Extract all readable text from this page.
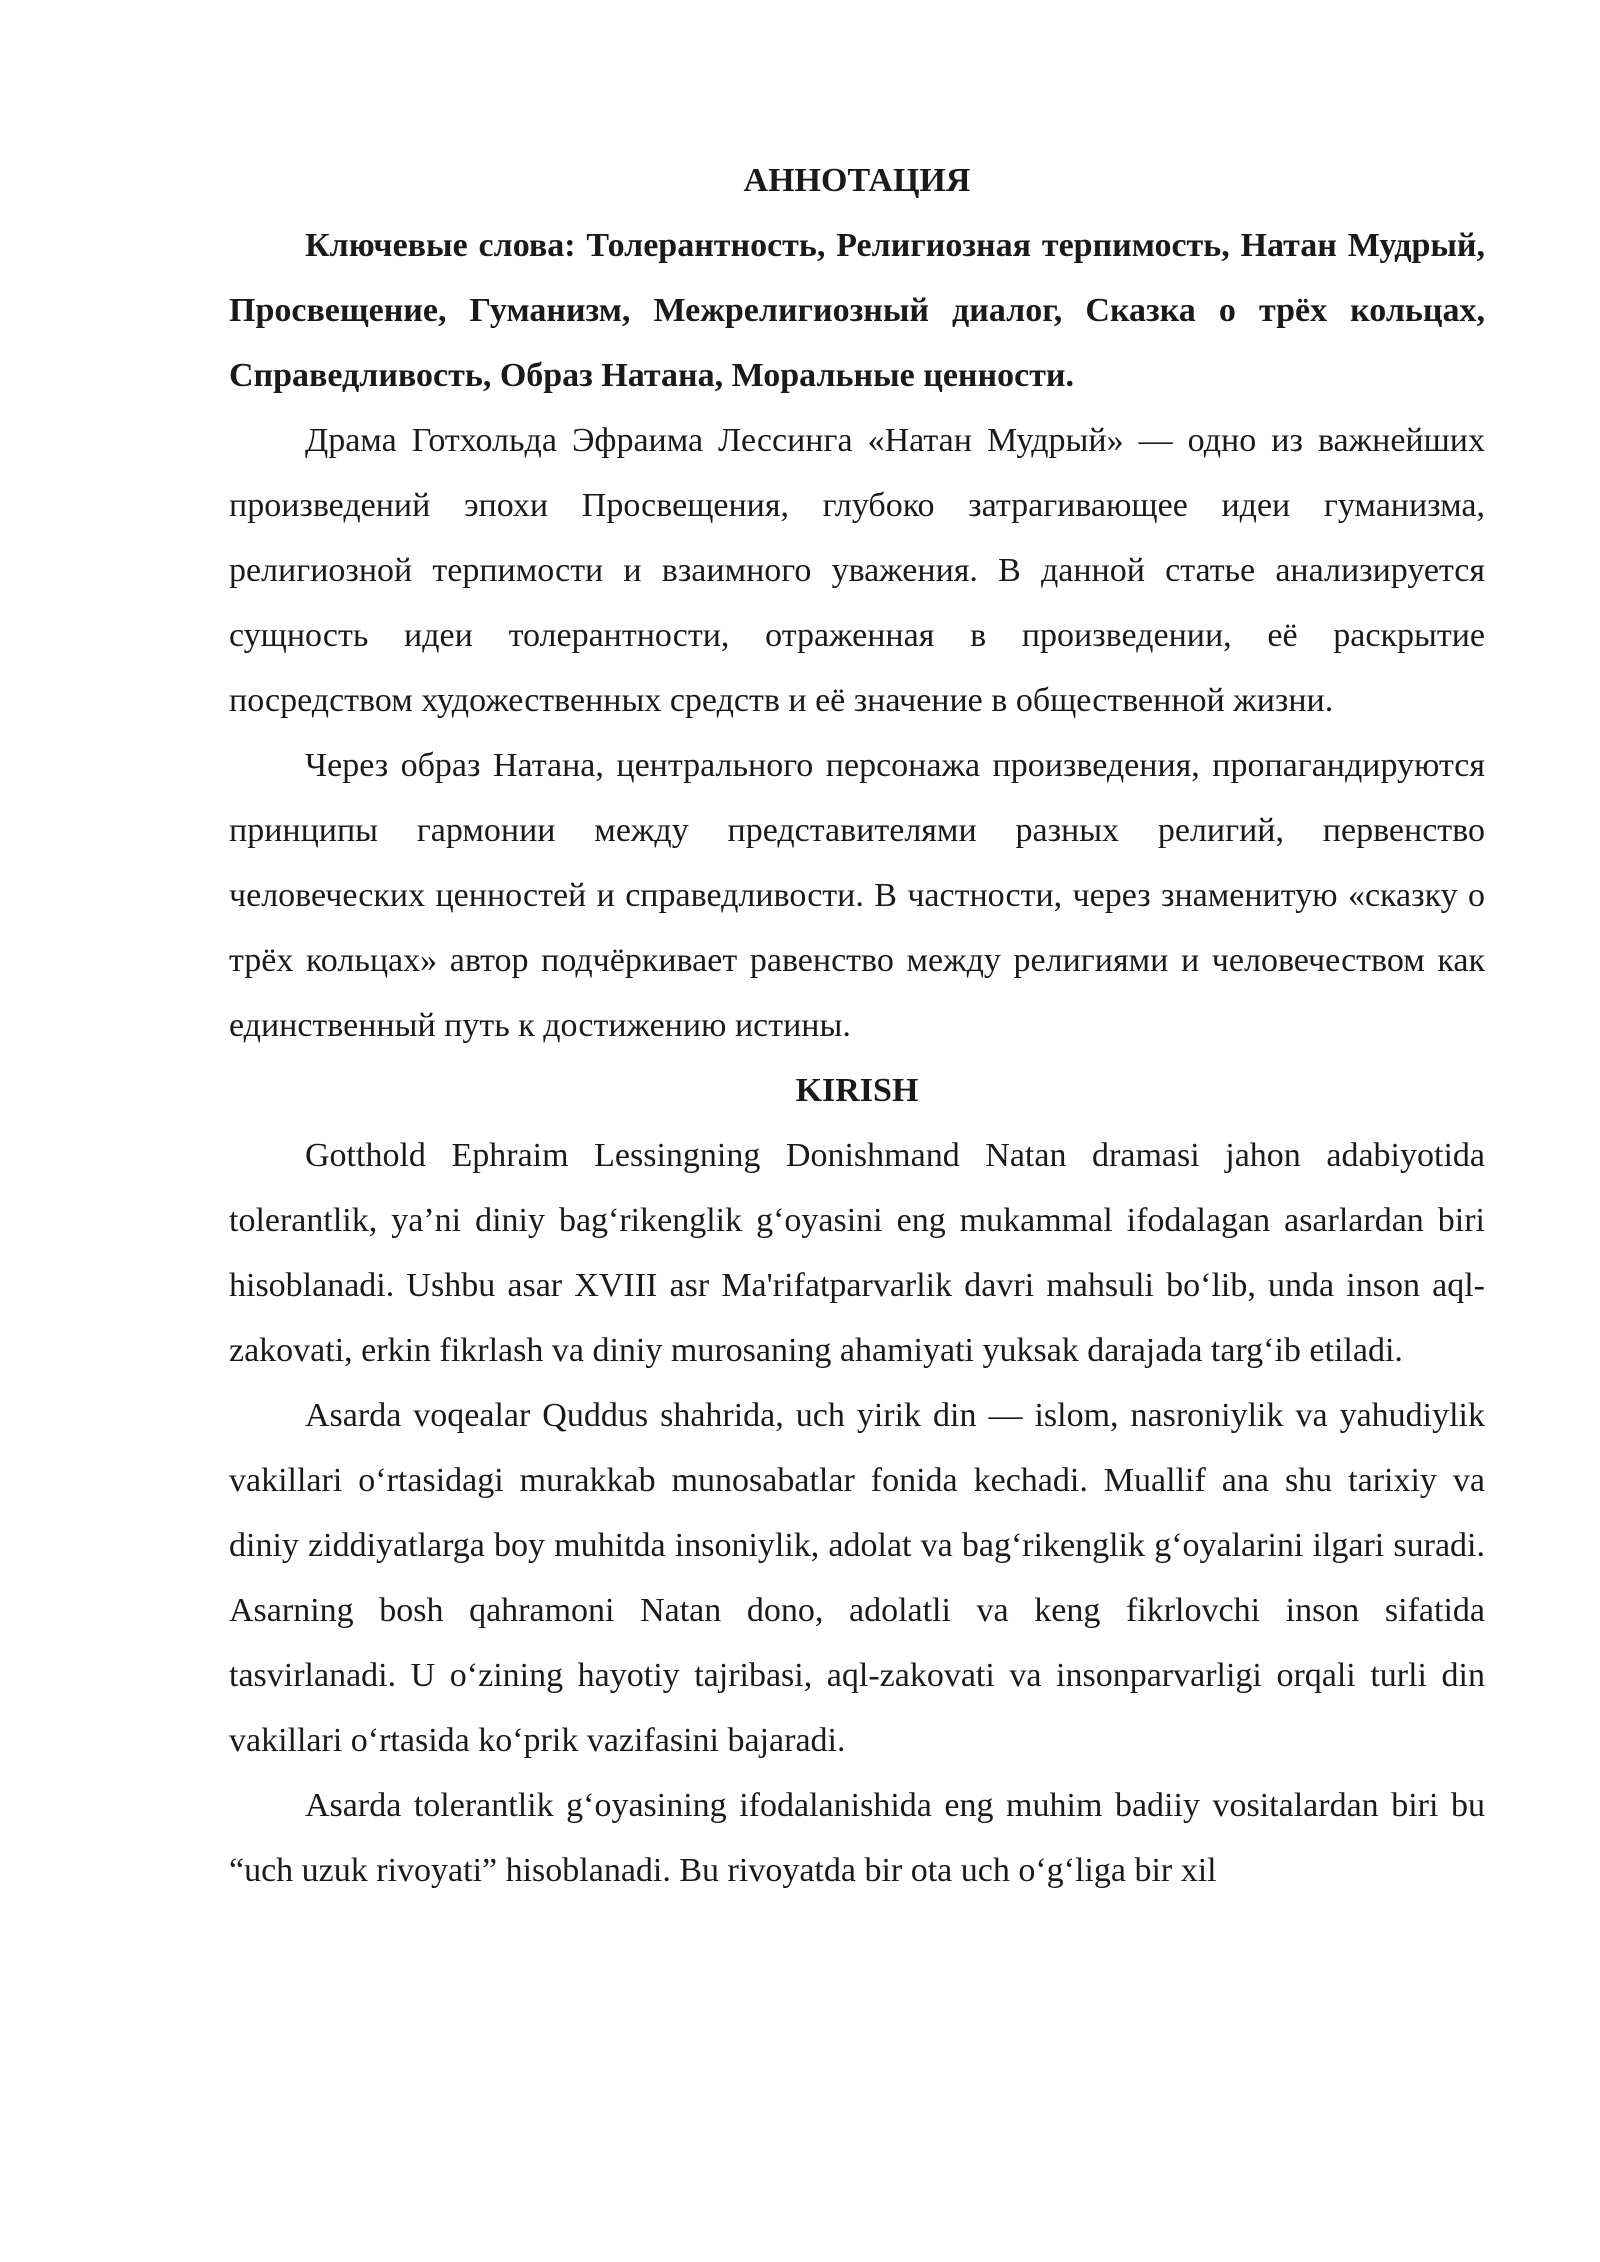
АННОТАЦИЯ

Ключевые слова: Толерантность, Религиозная терпимость, Натан Мудрый, Просвещение, Гуманизм, Межрелигиозный диалог, Сказка о трёх кольцах, Справедливость, Образ Натана, Моральные ценности.

Драма Готхольда Эфраима Лессинга «Натан Мудрый» — одно из важнейших произведений эпохи Просвещения, глубоко затрагивающее идеи гуманизма, религиозной терпимости и взаимного уважения. В данной статье анализируется сущность идеи толерантности, отраженная в произведении, её раскрытие посредством художественных средств и её значение в общественной жизни.

Через образ Натана, центрального персонажа произведения, пропагандируются принципы гармонии между представителями разных религий, первенство человеческих ценностей и справедливости. В частности, через знаменитую «сказку о трёх кольцах» автор подчёркивает равенство между религиями и человечеством как единственный путь к достижению истины.

KIRISH

Gotthold Ephraim Lessingning Donishmand Natan dramasi jahon adabiyotida tolerantlik, ya’ni diniy bag‘rikenglik g‘oyasini eng mukammal ifodalagan asarlardan biri hisoblanadi. Ushbu asar XVIII asr Ma'rifatparvarlik davri mahsuli bo‘lib, unda inson aql-zakovati, erkin fikrlash va diniy murosaning ahamiyati yuksak darajada targ‘ib etiladi.

Asarda voqealar Quddus shahrida, uch yirik din — islom, nasroniylik va yahudiylik vakillari o‘rtasidagi murakkab munosabatlar fonida kechadi. Muallif ana shu tarixiy va diniy ziddiyatlarga boy muhitda insoniylik, adolat va bag‘rikenglik g‘oyalarini ilgari suradi. Asarning bosh qahramoni Natan dono, adolatli va keng fikrlovchi inson sifatida tasvirlanadi. U o‘zining hayotiy tajribasi, aql-zakovati va insonparvarligi orqali turli din vakillari o‘rtasida ko‘prik vazifasini bajaradi.

Asarda tolerantlik g‘oyasining ifodalanishida eng muhim badiiy vositalardan biri bu “uch uzuk rivoyati” hisoblanadi. Bu rivoyatda bir ota uch o‘g‘liga bir xil
